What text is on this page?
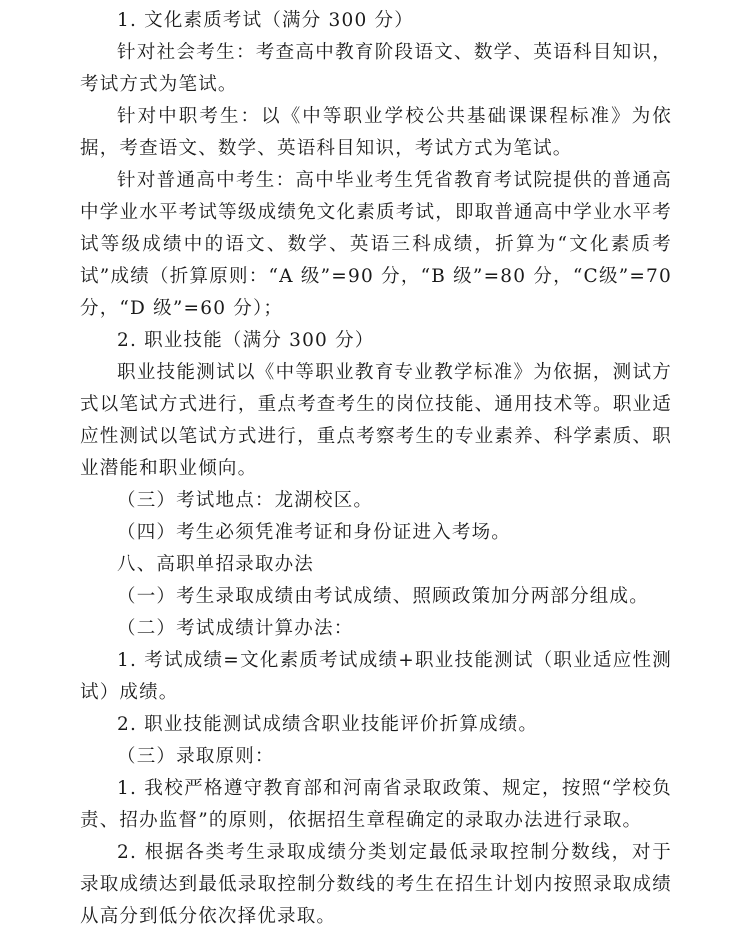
1. 文化素质考试（满分 300 分）

针对社会考生：考查高中教育阶段语文、数学、英语科目知识，考试方式为笔试。

针对中职考生：以《中等职业学校公共基础课课程标准》为依据，考查语文、数学、英语科目知识，考试方式为笔试。

针对普通高中考生：高中毕业考生凭省教育考试院提供的普通高中学业水平考试等级成绩免文化素质考试，即取普通高中学业水平考试等级成绩中的语文、数学、英语三科成绩，折算为“文化素质考试”成绩（折算原则：“A 级”=90 分，“B 级”=80 分，“C级”=70 分，“D 级”=60 分）；

2. 职业技能（满分 300 分）

职业技能测试以《中等职业教育专业教学标准》为依据，测试方式以笔试方式进行，重点考查考生的岗位技能、通用技术等。职业适应性测试以笔试方式进行，重点考察考生的专业素养、科学素质、职业潜能和职业倾向。

（三）考试地点：龙湖校区。

（四）考生必须凭准考证和身份证进入考场。

八、高职单招录取办法

（一）考生录取成绩由考试成绩、照顾政策加分两部分组成。

（二）考试成绩计算办法：

1. 考试成绩=文化素质考试成绩+职业技能测试（职业适应性测试）成绩。

2. 职业技能测试成绩含职业技能评价折算成绩。

（三）录取原则：

1. 我校严格遵守教育部和河南省录取政策、规定，按照“学校负责、招办监督”的原则，依据招生章程确定的录取办法进行录取。

2. 根据各类考生录取成绩分类划定最低录取控制分数线，对于录取成绩达到最低录取控制分数线的考生在招生计划内按照录取成绩从高分到低分依次择优录取。
